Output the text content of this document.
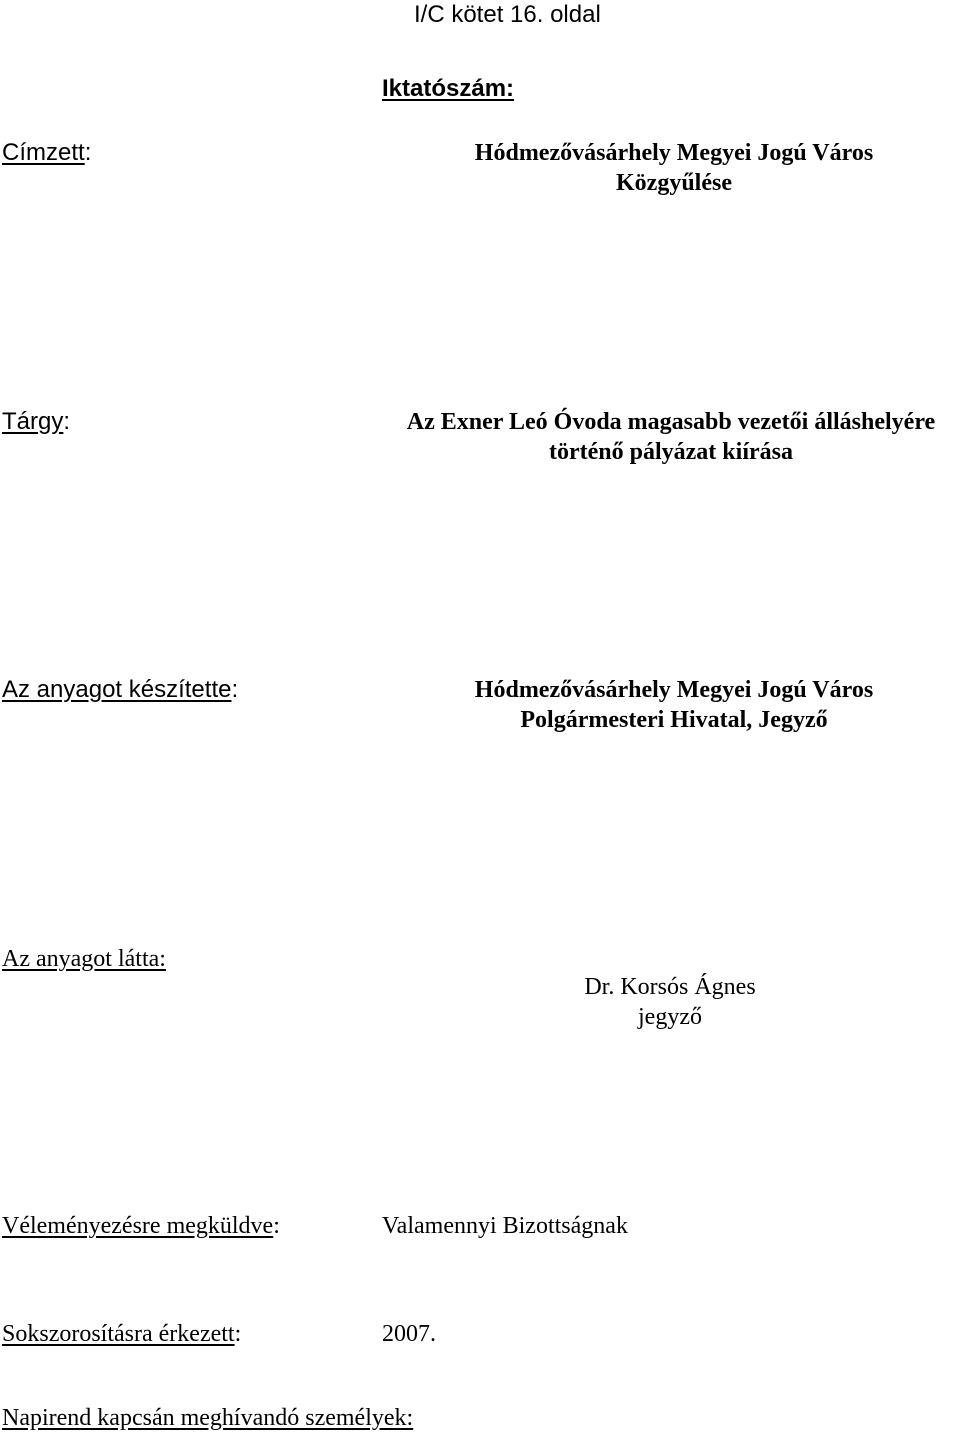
I/C kötet 16. oldal
Iktatószám:
Címzett:	Hódmezővásárhely Megyei Jogú Város
Közgyűlése
Tárgy:	Az Exner Leó Óvoda magasabb vezetői álláshelyére
történő pályázat kiírása
Az anyagot készítette:	Hódmezővásárhely Megyei Jogú Város
Polgármesteri Hivatal, Jegyző
Az anyagot látta:
Dr. Korsós Ágnes
jegyző
Véleményezésre megküldve:	Valamennyi Bizottságnak
Sokszorosításra érkezett:	2007.
Napirend kapcsán meghívandó személyek:
